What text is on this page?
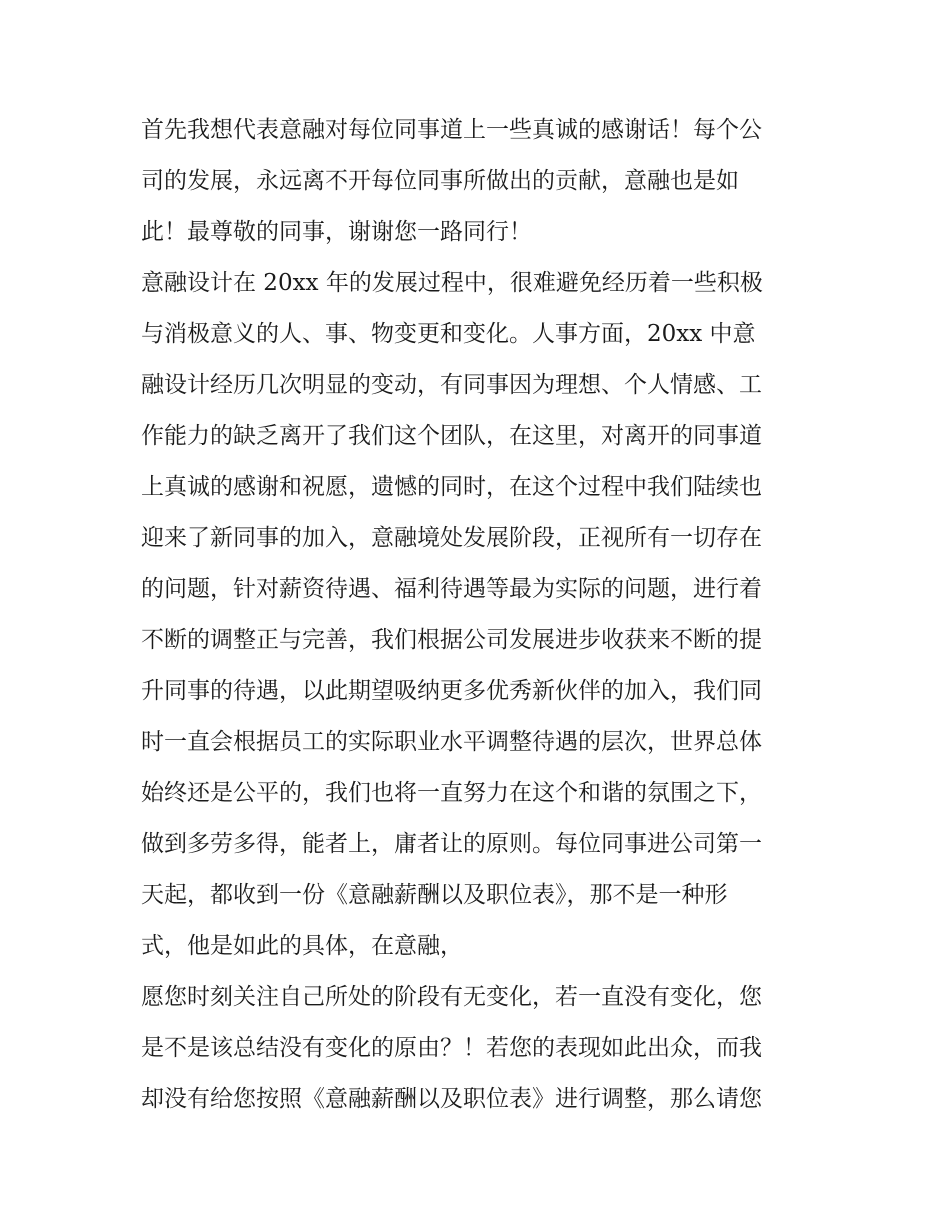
首先我想代表意融对每位同事道上一些真诚的感谢话！每个公
司的发展，永远离不开每位同事所做出的贡献，意融也是如
此！最尊敬的同事，谢谢您一路同行！
意融设计在 20xx 年的发展过程中，很难避免经历着一些积极
与消极意义的人、事、物变更和变化。人事方面，20xx 中意
融设计经历几次明显的变动，有同事因为理想、个人情感、工
作能力的缺乏离开了我们这个团队，在这里，对离开的同事道
上真诚的感谢和祝愿，遗憾的同时，在这个过程中我们陆续也
迎来了新同事的加入，意融境处发展阶段，正视所有一切存在
的问题，针对薪资待遇、福利待遇等最为实际的问题，进行着
不断的调整正与完善，我们根据公司发展进步收获来不断的提
升同事的待遇，以此期望吸纳更多优秀新伙伴的加入，我们同
时一直会根据员工的实际职业水平调整待遇的层次，世界总体
始终还是公平的，我们也将一直努力在这个和谐的氛围之下，
做到多劳多得，能者上，庸者让的原则。每位同事进公司第一
天起，都收到一份《意融薪酬以及职位表》，那不是一种形
式，他是如此的具体，在意融，
愿您时刻关注自己所处的阶段有无变化，若一直没有变化，您
是不是该总结没有变化的原由？！若您的表现如此出众，而我
却没有给您按照《意融薪酬以及职位表》进行调整，那么请您
